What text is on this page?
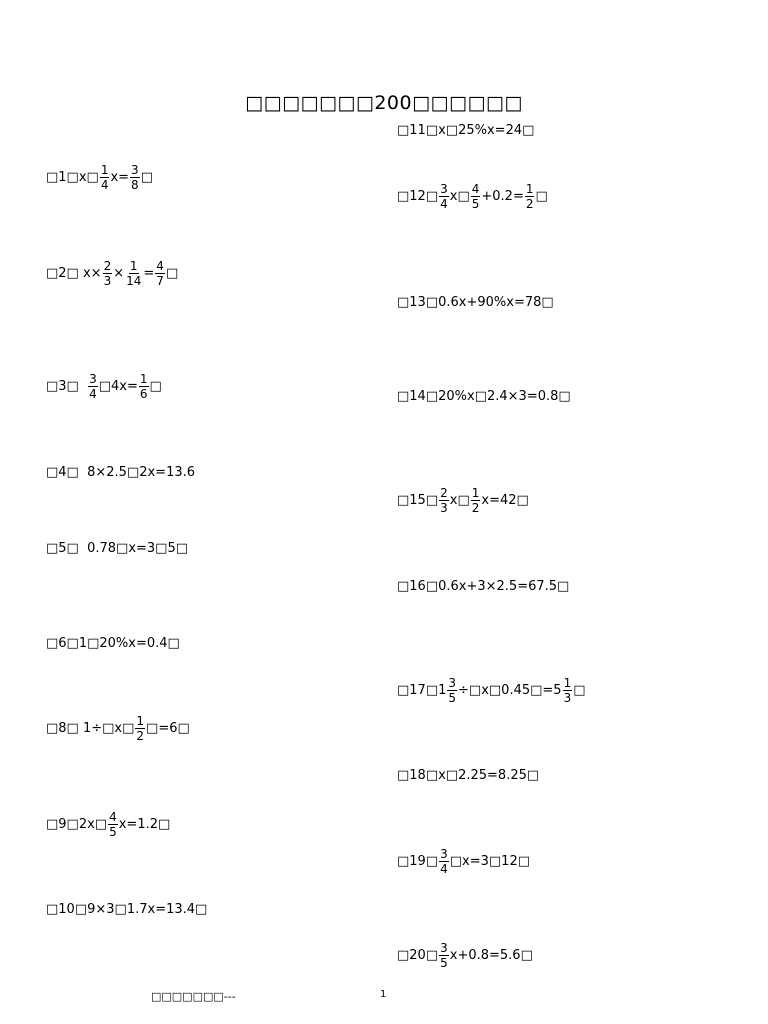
□□□□□□□200□□□□□□
□1□x□ $\frac{1}{4} x= \frac{3}{8}$ □
□2□ $x\times \frac{2}{3} \times \frac{1}{14} = \frac{4}{7}$ □
□3□ $\frac{3}{4}$ □4x= $\frac{1}{6}$ □
□4□  8×2.5□2x=13.6
□5□  0.78□x=3□5□
□6□1□20%x=0.4□
□8□ 1÷□x□ $\frac{1}{2}$ □=6□
□9□2x□ $\frac{4}{5}$ x=1.2□
□10□9×3□1.7x=13.4□
□11□x□25%x=24□
□12□ $\frac{3}{4}$ x□ $\frac{4}{5} +0.2= \frac{1}{2}$ □
□13□0.6x+90%x=78□
□14□20%x□2.4×3=0.8□
□15□ $\frac{2}{3}$ x□ $\frac{1}{2}$ x=42□
□16□0.6x+3×2.5=67.5□
□17□1 $\frac{3}{5}$ ÷□x□0.45□=5 $\frac{1}{3}$ □
□18□x□2.25=8.25□
□19□ $\frac{3}{4}$ □x=3□12□
□20□ $\frac{3}{5}$ x+0.8=5.6□
□□□□□□□---	1
